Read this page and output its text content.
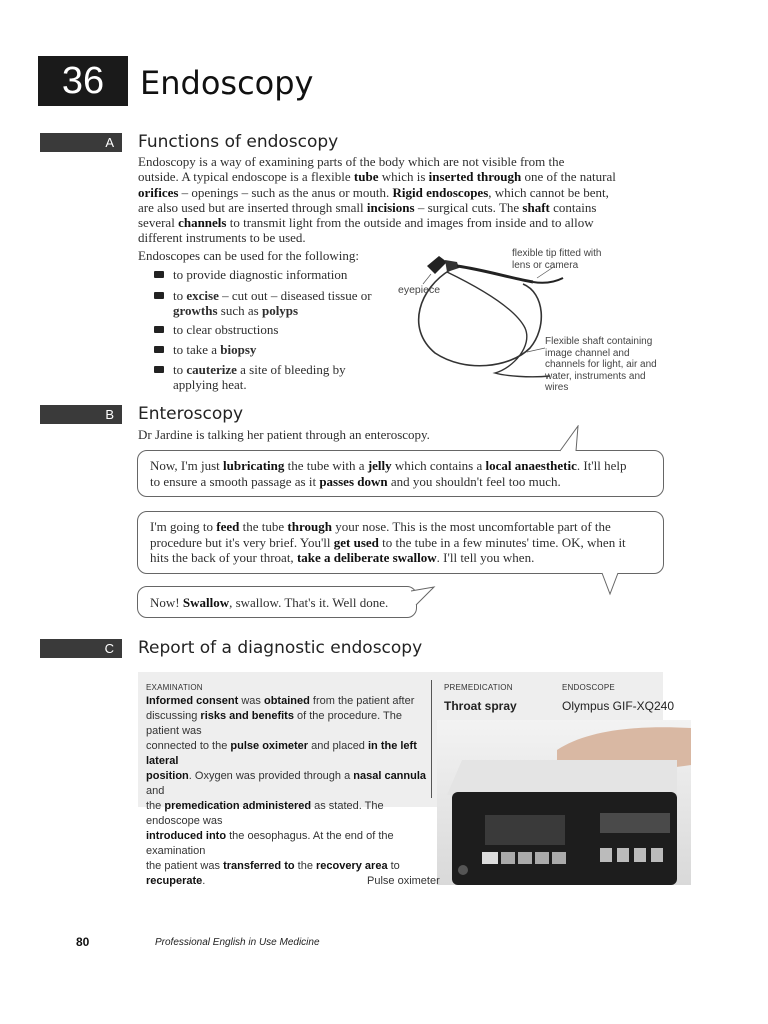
36	Endoscopy
A	Functions of endoscopy
Endoscopy is a way of examining parts of the body which are not visible from the
outside. A typical endoscope is a flexible tube which is inserted through one of the natural
orifices – openings – such as the anus or mouth. Rigid endoscopes, which cannot be bent,
are also used but are inserted through small incisions – surgical cuts. The shaft contains
several channels to transmit light from the outside and images from inside and to allow
different instruments to be used.
Endoscopes can be used for the following:
to provide diagnostic information
to excise – cut out – diseased tissue or growths such as polyps
to clear obstructions
to take a biopsy
to cauterize a site of bleeding by applying heat.
flexible tip fitted with lens or camera
eyepiece
Flexible shaft containing image channel and channels for light, air and water, instruments and wires
B	Enteroscopy
Dr Jardine is talking her patient through an enteroscopy.
Now, I'm just lubricating the tube with a jelly which contains a local anaesthetic. It'll help
to ensure a smooth passage as it passes down and you shouldn't feel too much.
I'm going to feed the tube through your nose. This is the most uncomfortable part of the
procedure but it's very brief. You'll get used to the tube in a few minutes' time. OK, when it
hits the back of your throat, take a deliberate swallow. I'll tell you when.
Now! Swallow, swallow. That's it. Well done.
C	Report of a diagnostic endoscopy
EXAMINATION
Informed consent was obtained from the patient after
discussing risks and benefits of the procedure. The patient was
connected to the pulse oximeter and placed in the left lateral
position. Oxygen was provided through a nasal cannula and
the premedication administered as stated. The endoscope was
introduced into the oesophagus. At the end of the examination
the patient was transferred to the recovery area to recuperate.
PREMEDICATION
Throat spray
ENDOSCOPE
Olympus GIF-XQ240
Pulse oximeter
80	Professional English in Use Medicine
